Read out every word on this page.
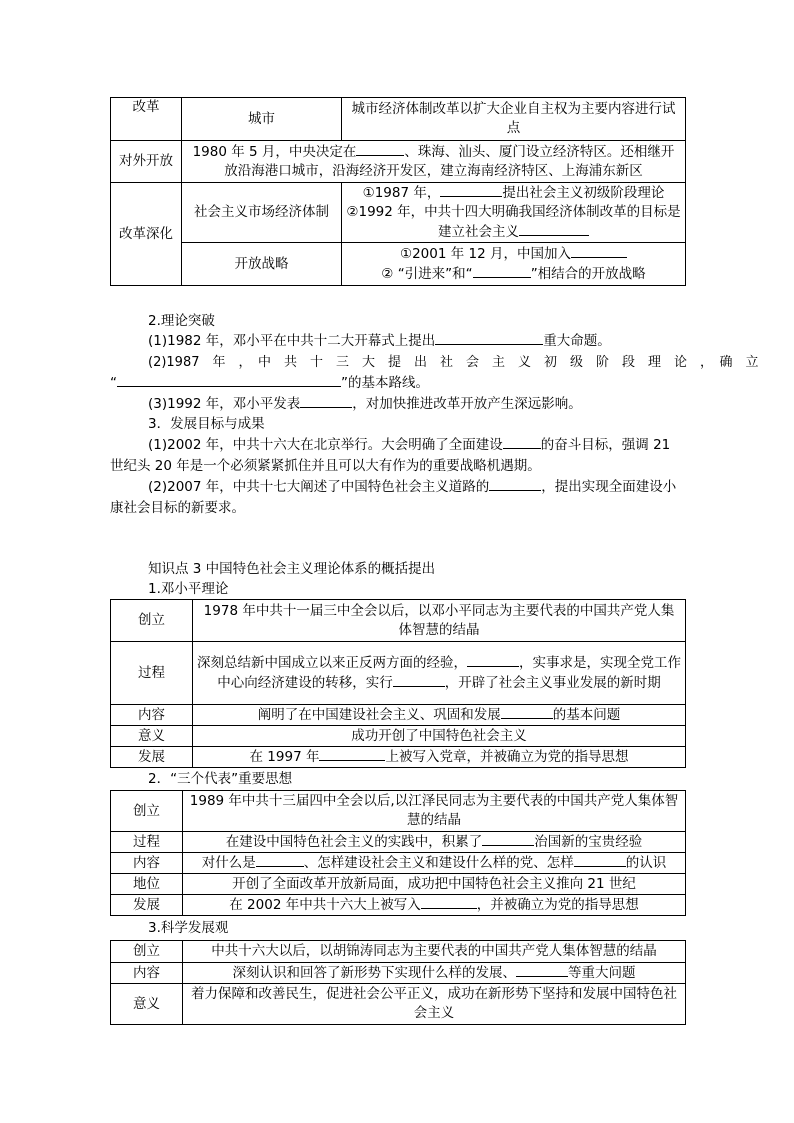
改革	城市	城市经济体制改革以扩大企业自主权为主要内容进行试点
对外开放	1980 年 5 月，中央决定在 、珠海、汕头、厦门设立经济特区。还相继开放沿海港口城市，沿海经济开发区，建立海南经济特区、上海浦东新区	
改革深化	社会主义市场经济体制	①1987 年， 提出社会主义初级阶段理论
②1992 年，中共十四大明确我国经济体制改革的目标是建立社会主义

	开放战略	①2001 年 12 月，中国加入
② “引进来”和“ ”相结合的开放战略
2.理论突破
(1)1982 年，邓小平在中共十二大开幕式上提出	重大命题。
(2)1987　年　，　中　共　十　三　大　提　出　社　会　主　义　初　级　阶　段　理　论　，　确　立
“	”的基本路线。
(3)1992 年，邓小平发表	，对加快推进改革开放产生深远影响。
3．发展目标与成果
(1)2002 年，中共十六大在北京举行。大会明确了全面建设	的奋斗目标，强调 21 世纪头 20 年是一个必须紧紧抓住并且可以大有作为的重要战略机遇期。
(2)2007 年，中共十七大阐述了中国特色社会主义道路的	，提出实现全面建设小康社会目标的新要求。
知识点 3 中国特色社会主义理论体系的概括提出
1.邓小平理论
创立	1978 年中共十一届三中全会以后，以邓小平同志为主要代表的中国共产党人集体智慧的结晶
过程	深刻总结新中国成立以来正反两方面的经验， ，实事求是，实现全党工作中心向经济建设的转移，实行 ，开辟了社会主义事业发展的新时期
内容	阐明了在中国建设社会主义、巩固和发展 的基本问题
意义	成功开创了中国特色社会主义
发展	在 1997 年 上被写入党章，并被确立为党的指导思想
2．“三个代表”重要思想
创立	1989 年中共十三届四中全会以后,以江泽民同志为主要代表的中国共产党人集体智慧的结晶
过程	在建设中国特色社会主义的实践中，积累了 治国新的宝贵经验
内容	对什么是 、怎样建设社会主义和建设什么样的党、怎样 的认识
地位	开创了全面改革开放新局面，成功把中国特色社会主义推向 21 世纪
发展	在 2002 年中共十六大上被写入 ，并被确立为党的指导思想
3.科学发展观
创立	中共十六大以后，以胡锦涛同志为主要代表的中国共产党人集体智慧的结晶
内容	深刻认识和回答了新形势下实现什么样的发展、 等重大问题
意义	着力保障和改善民生，促进社会公平正义，成功在新形势下坚持和发展中国特色社会主义
